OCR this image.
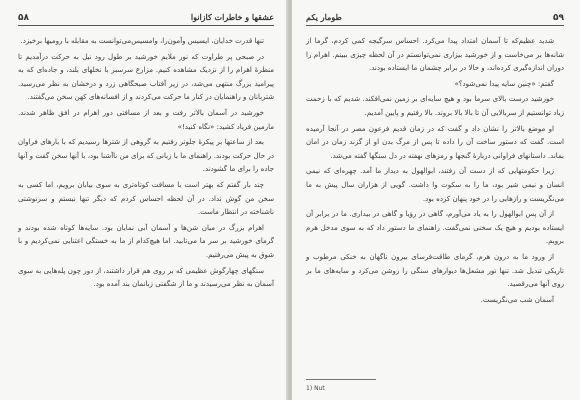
۵۸	عشقها و خاطرات کازانوا

تنها قدرت خدایان، ایسیس وآمون‌را، وامسیس‌می‌توانست به مقابله با رومیها برخیزد.

در صبحی پر طراوت که نور ملایم خورشید بر طول رود نیل به حرکت درآمدیم تا منظرهٔ اهرام را از نزدیک مشاهده کنیم. مزارع سرسبز با نخلهای بلند، و جاده‌ای که به پیرامید بزرگ منتهی می‌شد، در زیر آفتاب صبحگاهی زرد و درخشان به نظر می‌رسید. شتربانان و راهنمایان در کنار ما حرکت می‌کردند و از افسانه‌های کهن سخن می‌گفتند.

خورشید در آسمان بالاتر رفت و بعد از مسافتی دور اهرام در افق ظاهر شدند. مارمین فریاد کشید: «نگاه کنید!»

بعد از ساعتها بر پیکرهٔ جلوتر رفتیم به گروهی از شترها رسیدیم که با بارهای فراوان در حال حرکت بودند. راهنمای ما با زبانی که برای من ناآشنا بود، با آنها سخن گفت و آنها جاده را برای ما گشودند.

چند بار گفتم که بهتر است با مسافت کوتاه‌تری به سوی بیابان برویم، اما کسی به سخن من گوش نداد. در آن لحظه احساس کردم که دیگر تنها نیستم و سرنوشتی ناشناخته در انتظار ماست.

اهرام بزرگ در میان شن‌ها و آسمان آبی نمایان بود. سایه‌ها کوتاه شده بودند و گرمای خورشید بر سر ما می‌تابید. اما هیچ‌کدام از ما به خستگی اعتنایی نمی‌کردیم و با شوق به پیش می‌رفتیم.

سنگهای چهارگوش عظیمی که بر روی هم قرار داشتند، از دور چون پله‌هایی به سوی آسمان به نظر می‌رسیدند و ما از شگفتی زبانمان بند آمده بود.

طومار یکم	۵۹

شدید عظیم‌که تا آسمان امتداد پیدا می‌کرد. احساس سرگیجه کمی کردم، گرما از شانه‌ها بر می‌خاست و از خورشید بیزاری نمی‌توانستم در آن لحظه چیزی ببینم. اهرام را دوران اندازه‌گیری کرده‌اند، و حالا در برابر چشمان ما ایستاده بودند.

گفتم: «چنین سایه پیدا نمی‌شود؟»

خورشید درست بالای سرما بود و هیچ سایه‌ای بر زمین نمی‌افکند. شدیم که با زحمت زیاد توانستیم از سربالایی آن تا بالا بالا بروند. بالا رفتیم و پایین آمدیم.

او موضع بالاتر را نشان داد و گفت که در زمان قدیم فرعون مصر در آنجا آرمیده است. گفت که دستور ساخت آن را داده تا پس از مرگ بدن او از گزند زمان در امان بماند. داستانهای فراوانی دربارهٔ گنجها و رمزهای نهفته در دل سنگها گفته می‌شد.

زیرا حکومتهایی که از دست آن رفتند، ابوالهول به دیدار ما آمد. چهره‌ای که نیمی انسان و نیمی شیر بود، ما را به سکوت وا داشت. گویی از هزاران سال پیش به ما می‌نگریست و رازهایی را در خود پنهان کرده بود.

از آن پس ابوالهول را به یاد می‌آورم، گاهی در رؤیا و گاهی در بیداری. ما در برابر آن ایستاده بودیم و هیچ یک سخنی نمی‌گفت. راهنمای ما دستور داد که به سوی مدخل هرم برویم.

از ورود ما به درون هرم، گرمای طاقت‌فرسای بیرون ناگهان به خنکی مرطوب و تاریکی تبدیل شد. تنها نور مشعل‌ها دیوارهای سنگی را روشن می‌کرد و سایه‌های ما بر روی آنها می‌رقصید.

آسمان شب می‌نگریست.

1) Nut
